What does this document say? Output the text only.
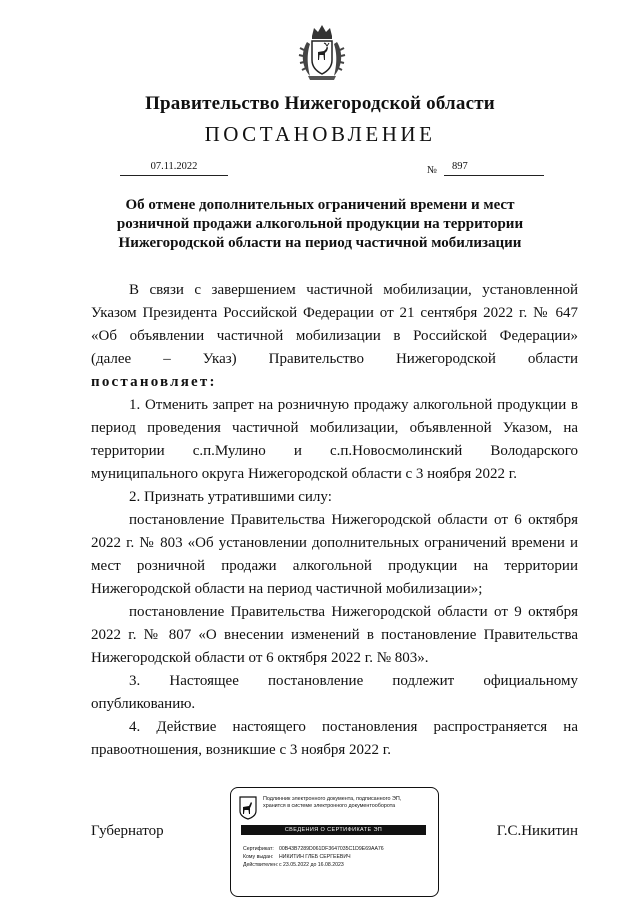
Правительство Нижегородской области
ПОСТАНОВЛЕНИЕ
07.11.2022	№	897
Об отмене дополнительных ограничений времени и мест
розничной продажи алкогольной продукции на территории
Нижегородской области на период частичной мобилизации

В связи с завершением частичной мобилизации, установленной

Указом Президента Российской Федерации от 21 сентября 2022 г. № 647

«Об объявлении частичной мобилизации в Российской Федерации»

(далее – Указ) Правительство Нижегородской области

постановляет:

1. Отменить запрет на розничную продажу алкогольной продукции в

период проведения частичной мобилизации, объявленной Указом, на

территории с.п.Мулино и с.п.Новосмолинский Володарского

муниципального округа Нижегородской области с 3 ноября 2022 г.

2. Признать утратившими силу:

постановление Правительства Нижегородской области от 6 октября

2022 г. № 803 «Об установлении дополнительных ограничений времени и

мест розничной продажи алкогольной продукции на территории

Нижегородской области на период частичной мобилизации»;

постановление Правительства Нижегородской области от 9 октября

2022 г. № 807 «О внесении изменений в постановление Правительства

Нижегородской области от 6 октября 2022 г. № 803».

3. Настоящее постановление подлежит официальному

опубликованию.

4. Действие настоящего постановления распространяется на

правоотношения, возникшие с 3 ноября 2022 г.

Губернатор	Г.С.Никитин
Подлинник электронного документа, подписанного ЭП,
хранится в системе электронного документооборота
СВЕДЕНИЯ О СЕРТИФИКАТЕ ЭП
Сертификат: 00B43B7289D061DF3647035C1D9E69AA76
Кому выдан: НИКИТИН ГЛЕБ СЕРГЕЕВИЧ
Действителен:с 23.05.2022 до 16.08.2023
